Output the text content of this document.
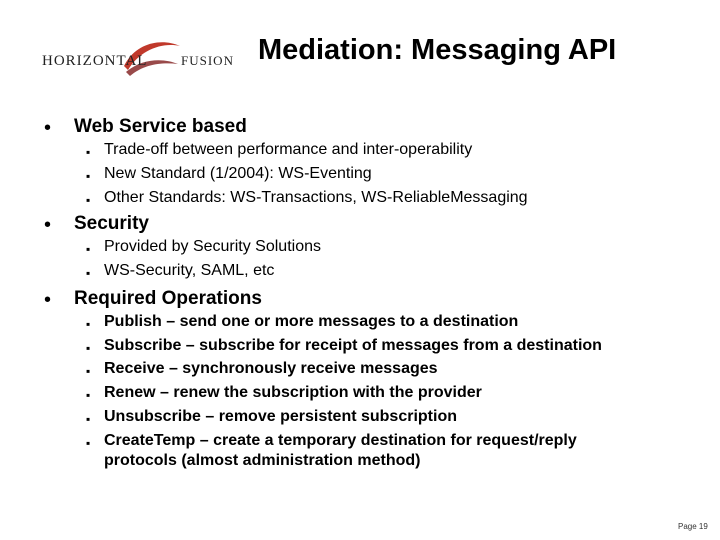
HORIZONTAL	FUSION Mediation: Messaging API
• Web Service based
▪ Trade-off between performance and inter-operability
▪ New Standard (1/2004): WS-Eventing
▪ Other Standards: WS-Transactions, WS-ReliableMessaging
• Security
▪ Provided by Security Solutions
▪ WS-Security, SAML, etc
• Required Operations
▪ Publish – send one or more messages to a destination
▪ Subscribe – subscribe for receipt of messages from a destination
▪ Receive – synchronously receive messages
▪ Renew – renew the subscription with the provider
▪ Unsubscribe – remove persistent subscription
▪ CreateTemp – create a temporary destination for request/reply
protocols (almost administration method)
Page 19
